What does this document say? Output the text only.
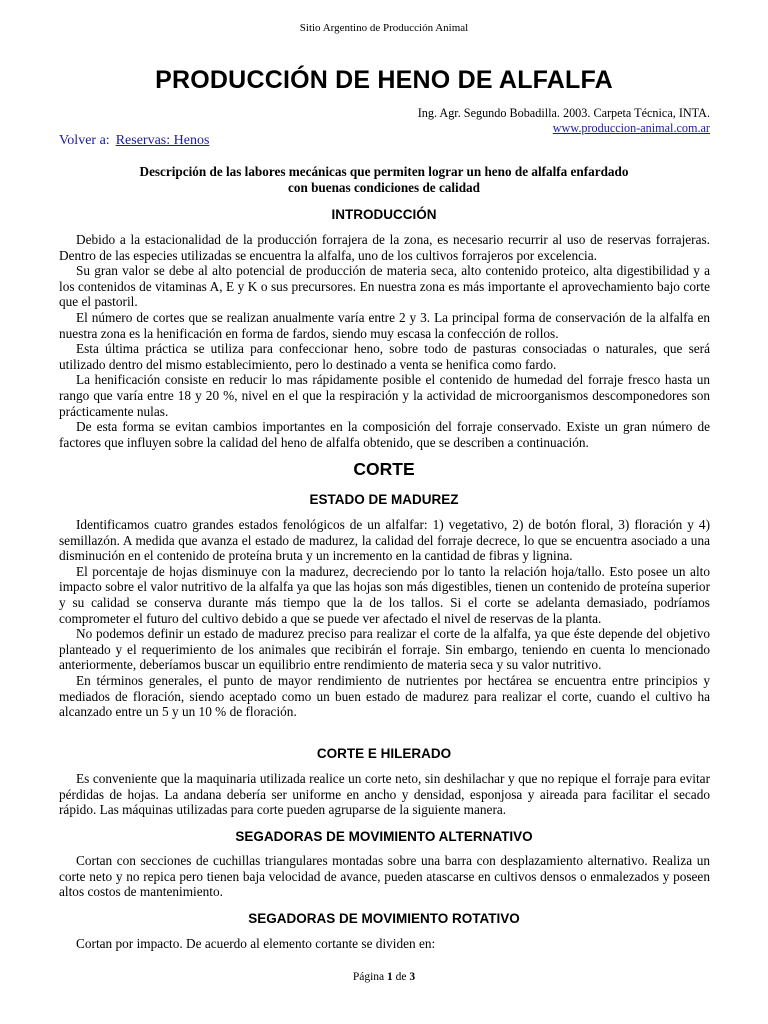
Sitio Argentino de Producción Animal
PRODUCCIÓN DE HENO DE ALFALFA
Ing. Agr. Segundo Bobadilla. 2003. Carpeta Técnica, INTA.
www.produccion-animal.com.ar
Volver a: Reservas: Henos
Descripción de las labores mecánicas que permiten lograr un heno de alfalfa enfardado
con buenas condiciones de calidad
INTRODUCCIÓN

Debido a la estacionalidad de la producción forrajera de la zona, es necesario recurrir al uso de reservas forrajeras. Dentro de las especies utilizadas se encuentra la alfalfa, uno de los cultivos forrajeros por excelencia.

Su gran valor se debe al alto potencial de producción de materia seca, alto contenido proteico, alta digestibilidad y a los contenidos de vitaminas A, E y K o sus precursores. En nuestra zona es más importante el aprovechamiento bajo corte que el pastoril.

El número de cortes que se realizan anualmente varía entre 2 y 3. La principal forma de conservación de la alfalfa en nuestra zona es la henificación en forma de fardos, siendo muy escasa la confección de rollos.

Esta última práctica se utiliza para confeccionar heno, sobre todo de pasturas consociadas o naturales, que será utilizado dentro del mismo establecimiento, pero lo destinado a venta se henifica como fardo.

La henificación consiste en reducir lo mas rápidamente posible el contenido de humedad del forraje fresco hasta un rango que varía entre 18 y 20 %, nivel en el que la respiración y la actividad de microorganismos descomponedores son prácticamente nulas.

De esta forma se evitan cambios importantes en la composición del forraje conservado. Existe un gran número de factores que influyen sobre la calidad del heno de alfalfa obtenido, que se describen a continuación.

CORTE
ESTADO DE MADUREZ

Identificamos cuatro grandes estados fenológicos de un alfalfar: 1) vegetativo, 2) de botón floral, 3) floración y 4) semillazón. A medida que avanza el estado de madurez, la calidad del forraje decrece, lo que se encuentra asociado a una disminución en el contenido de proteína bruta y un incremento en la cantidad de fibras y lignina.

El porcentaje de hojas disminuye con la madurez, decreciendo por lo tanto la relación hoja/tallo. Esto posee un alto impacto sobre el valor nutritivo de la alfalfa ya que las hojas son más digestibles, tienen un contenido de proteína superior y su calidad se conserva durante más tiempo que la de los tallos. Si el corte se adelanta demasiado, podríamos comprometer el futuro del cultivo debido a que se puede ver afectado el nivel de reservas de la planta.

No podemos definir un estado de madurez preciso para realizar el corte de la alfalfa, ya que éste depende del objetivo planteado y el requerimiento de los animales que recibirán el forraje. Sin embargo, teniendo en cuenta lo mencionado anteriormente, deberíamos buscar un equilibrio entre rendimiento de materia seca y su valor nutritivo.

En términos generales, el punto de mayor rendimiento de nutrientes por hectárea se encuentra entre principios y mediados de floración, siendo aceptado como un buen estado de madurez para realizar el corte, cuando el cultivo ha alcanzado entre un 5 y un 10 % de floración.

CORTE E HILERADO

Es conveniente que la maquinaria utilizada realice un corte neto, sin deshilachar y que no repique el forraje para evitar pérdidas de hojas. La andana debería ser uniforme en ancho y densidad, esponjosa y aireada para facilitar el secado rápido. Las máquinas utilizadas para corte pueden agruparse de la siguiente manera.

SEGADORAS DE MOVIMIENTO ALTERNATIVO

Cortan con secciones de cuchillas triangulares montadas sobre una barra con desplazamiento alternativo. Realiza un corte neto y no repica pero tienen baja velocidad de avance, pueden atascarse en cultivos densos o enmalezados y poseen altos costos de mantenimiento.

SEGADORAS DE MOVIMIENTO ROTATIVO

Cortan por impacto. De acuerdo al elemento cortante se dividen en:

Página 1 de 3
